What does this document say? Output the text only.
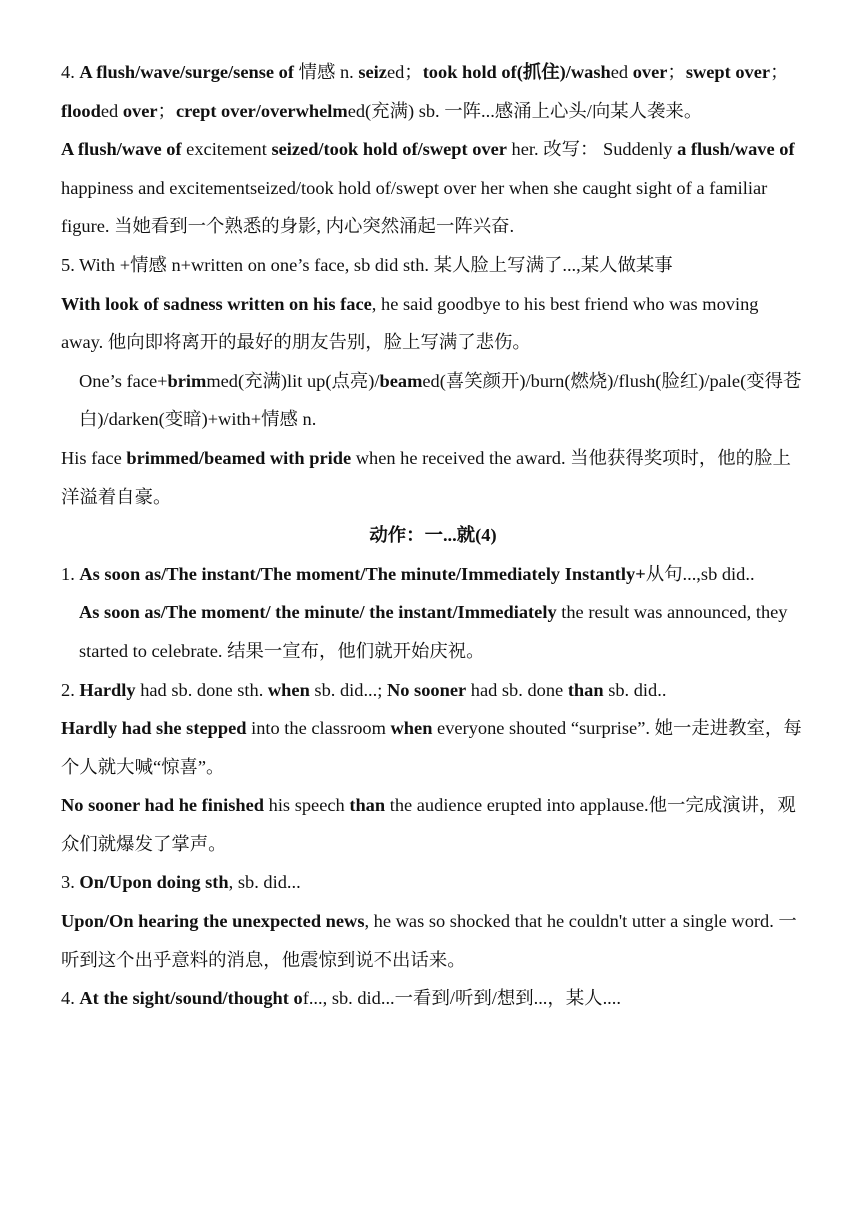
4. A flush/wave/surge/sense of 情感 n. seized；took hold of(抓住)/washed over；swept over；flooded over；crept over/overwhelmed(充满) sb. 一阵...感涌上心头/向某人袭来。

A flush/wave of excitement seized/took hold of/swept over her. 改写： Suddenly a flush/wave of happiness and excitementseized/took hold of/swept over her when she caught sight of a familiar figure. 当她看到一个熟悉的身影, 内心突然涌起一阵兴奋.

5. With +情感 n+written on one’s face, sb did sth. 某人脸上写满了...,某人做某事

With look of sadness written on his face, he said goodbye to his best friend who was moving away. 他向即将离开的最好的朋友告别，脸上写满了悲伤。

One’s face+brimmed(充满)lit up(点亮)/beamed(喜笑颜开)/burn(燃烧)/flush(脸红)/pale(变得苍白)/darken(变暗)+with+情感 n.

His face brimmed/beamed with pride when he received the award. 当他获得奖项时，他的脸上洋溢着自豪。

动作：一...就(4)

1. As soon as/The instant/The moment/The minute/Immediately Instantly+从句...,sb did..

As soon as/The moment/ the minute/ the instant/Immediately the result was announced, they started to celebrate. 结果一宣布，他们就开始庆祝。

2. Hardly had sb. done sth. when sb. did...; No sooner had sb. done than sb. did..

Hardly had she stepped into the classroom when everyone shouted “surprise”. 她一走进教室，每个人就大喊“惊喜”。

No sooner had he finished his speech than the audience erupted into applause.他一完成演讲，观众们就爆发了掌声。

3. On/Upon doing sth, sb. did...

Upon/On hearing the unexpected news, he was so shocked that he couldn't utter a single word. 一听到这个出乎意料的消息，他震惊到说不出话来。

4. At the sight/sound/thought of..., sb. did...一看到/听到/想到...，某人....
